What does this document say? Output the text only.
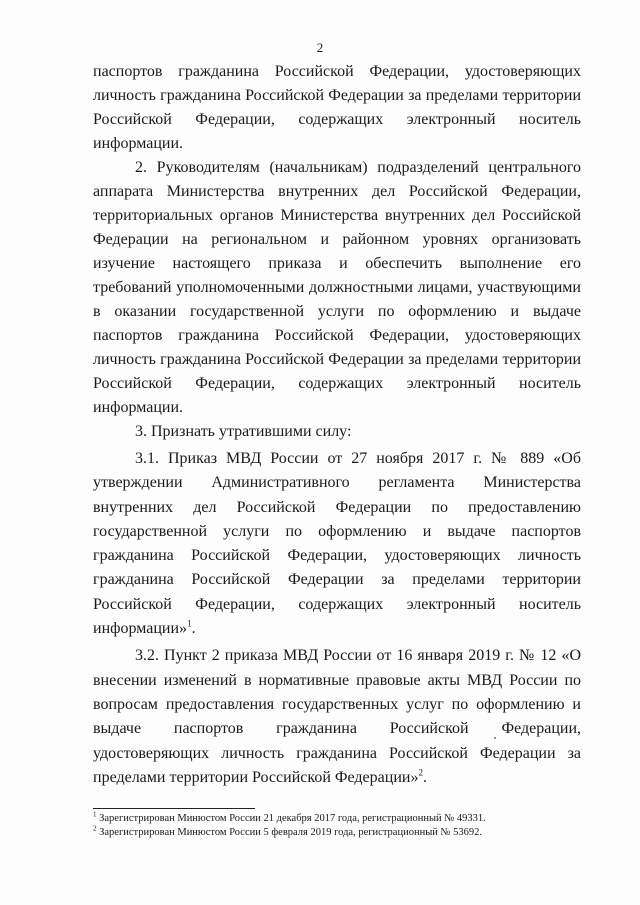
2

паспортов гражданина Российской Федерации, удостоверяющих личность гражданина Российской Федерации за пределами территории Российской Федерации, содержащих электронный носитель информации.

2. Руководителям (начальникам) подразделений центрального аппарата Министерства внутренних дел Российской Федерации, территориальных органов Министерства внутренних дел Российской Федерации на региональном и районном уровнях организовать изучение настоящего приказа и обеспечить выполнение его требований уполномоченными должностными лицами, участвующими в оказании государственной услуги по оформлению и выдаче паспортов гражданина Российской Федерации, удостоверяющих личность гражданина Российской Федерации за пределами территории Российской Федерации, содержащих электронный носитель информации.

3. Признать утратившими силу:

3.1. Приказ МВД России от 27 ноября 2017 г. № 889 «Об утверждении Административного регламента Министерства внутренних дел Российской Федерации по предоставлению государственной услуги по оформлению и выдаче паспортов гражданина Российской Федерации, удостоверяющих личность гражданина Российской Федерации за пределами территории Российской Федерации, содержащих электронный носитель информации»$^1$.

3.2. Пункт 2 приказа МВД России от 16 января 2019 г. № 12 «О внесении изменений в нормативные правовые акты МВД России по вопросам предоставления государственных услуг по оформлению и выдаче паспортов гражданина Российской Федерации, удостоверяющих личность гражданина Российской Федерации за пределами территории Российской Федерации»$^2$.

$^1$ Зарегистрирован Минюстом России 21 декабря 2017 года, регистрационный № 49331.

$^2$ Зарегистрирован Минюстом России 5 февраля 2019 года, регистрационный № 53692.
